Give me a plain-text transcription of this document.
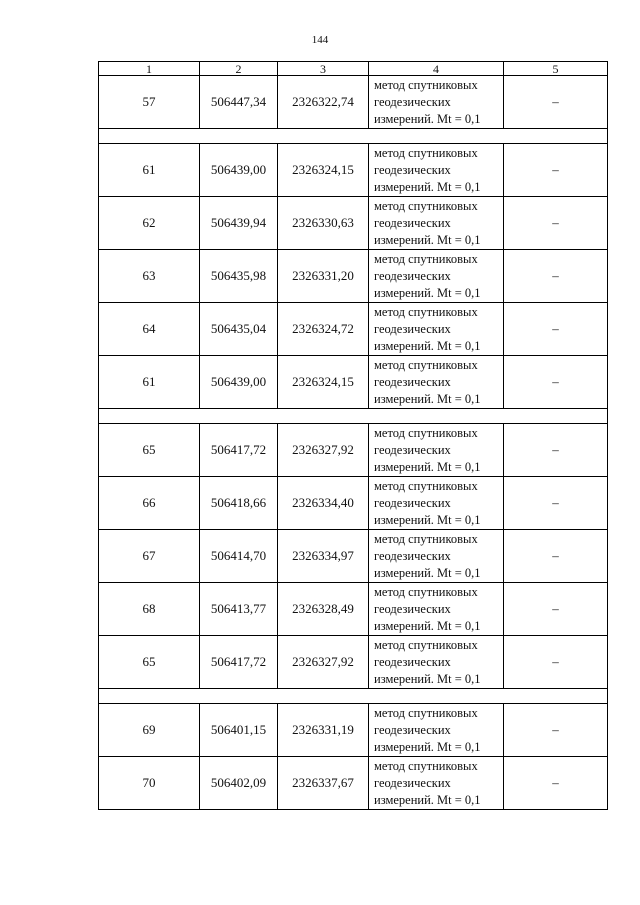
144
1	2	3	4	5
57	506447,34	2326322,74	метод спутниковых
геодезических
измерений. Mt = 0,1	–

61	506439,00	2326324,15	метод спутниковых
геодезических
измерений. Mt = 0,1	–
62	506439,94	2326330,63	метод спутниковых
геодезических
измерений. Mt = 0,1	–
63	506435,98	2326331,20	метод спутниковых
геодезических
измерений. Mt = 0,1	–
64	506435,04	2326324,72	метод спутниковых
геодезических
измерений. Mt = 0,1	–
61	506439,00	2326324,15	метод спутниковых
геодезических
измерений. Mt = 0,1	–

65	506417,72	2326327,92	метод спутниковых
геодезических
измерений. Mt = 0,1	–
66	506418,66	2326334,40	метод спутниковых
геодезических
измерений. Mt = 0,1	–
67	506414,70	2326334,97	метод спутниковых
геодезических
измерений. Mt = 0,1	–
68	506413,77	2326328,49	метод спутниковых
геодезических
измерений. Mt = 0,1	–
65	506417,72	2326327,92	метод спутниковых
геодезических
измерений. Mt = 0,1	–

69	506401,15	2326331,19	метод спутниковых
геодезических
измерений. Mt = 0,1	–
70	506402,09	2326337,67	метод спутниковых
геодезических
измерений. Mt = 0,1	–
